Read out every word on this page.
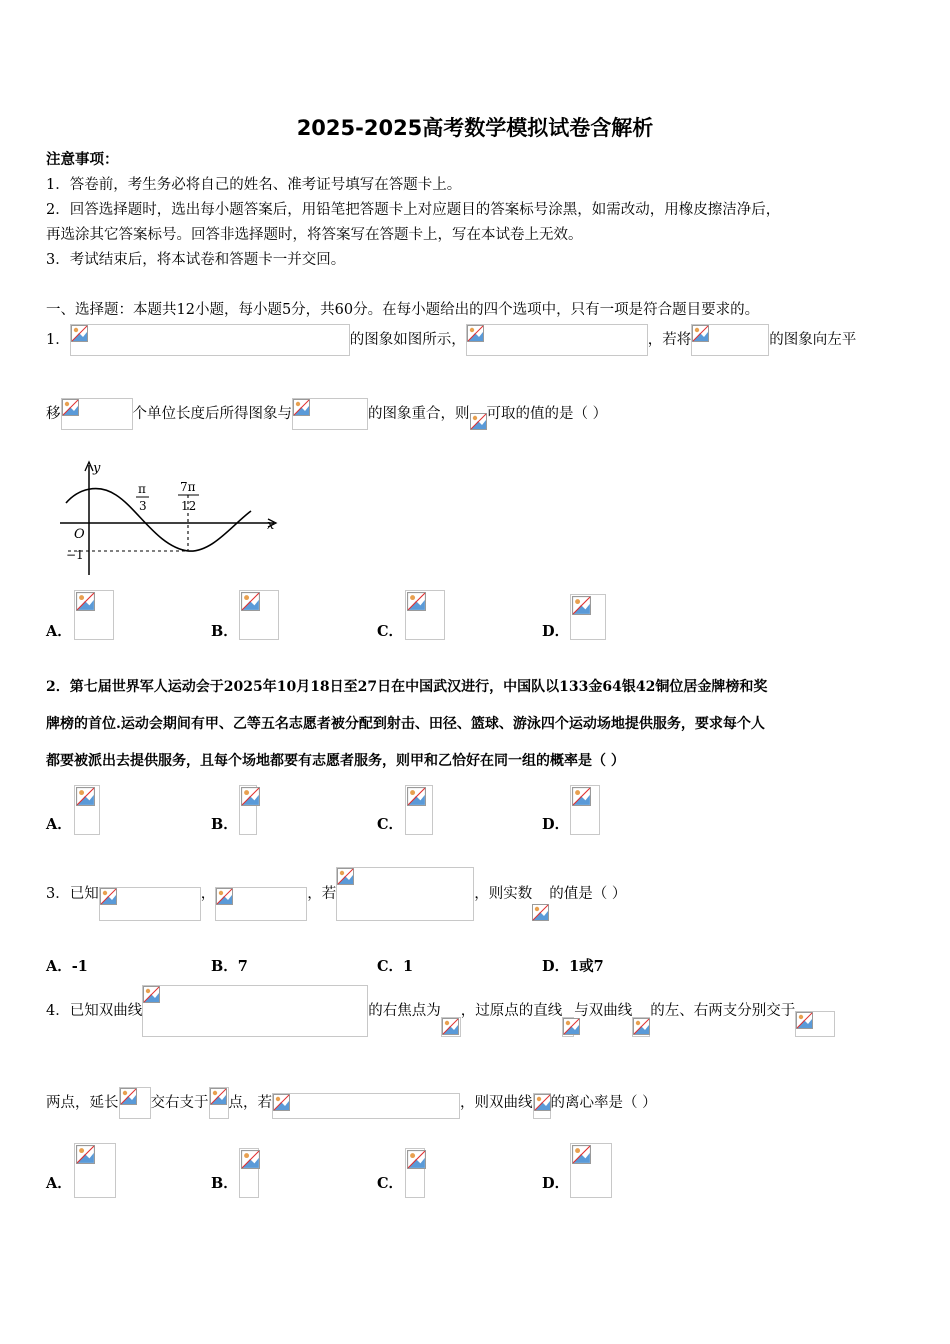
2025-2025高考数学模拟试卷含解析
注意事项：
1．答卷前，考生务必将自己的姓名、准考证号填写在答题卡上。
2．回答选择题时，选出每小题答案后，用铅笔把答题卡上对应题目的答案标号涂黑，如需改动，用橡皮擦洁净后，
再选涂其它答案标号。回答非选择题时，将答案写在答题卡上，写在本试卷上无效。
3．考试结束后，将本试卷和答题卡一并交回。
一、选择题：本题共12小题，每小题5分，共60分。在每小题给出的四个选项中，只有一项是符合题目要求的。
1．	的图象如图所示，	，若将	的图象向左平
移	个单位长度后所得图象与	的图象重合，则 可取的值的是（ ）
y
x
O
π
3
7π
12
−1
A．	B．	C．	D．
2．第七届世界军人运动会于2025年10月18日至27日在中国武汉进行，中国队以133金64银42铜位居金牌榜和奖
牌榜的首位.运动会期间有甲、乙等五名志愿者被分配到射击、田径、篮球、游泳四个运动场地提供服务，要求每个人
都要被派出去提供服务，且每个场地都要有志愿者服务，则甲和乙恰好在同一组的概率是（ ）
A．	B．	C．	D．
3．已知	，	，若	，则实数 的值是（ ）
A．-1	B．7	C．1	D．1或7
4．已知双曲线	的右焦点为 ，过原点的直线 与双曲线 的左、右两支分别交于
两点，延长 交右支于 点，若	，则双曲线 的离心率是（ ）
A．	B．	C．	D．
